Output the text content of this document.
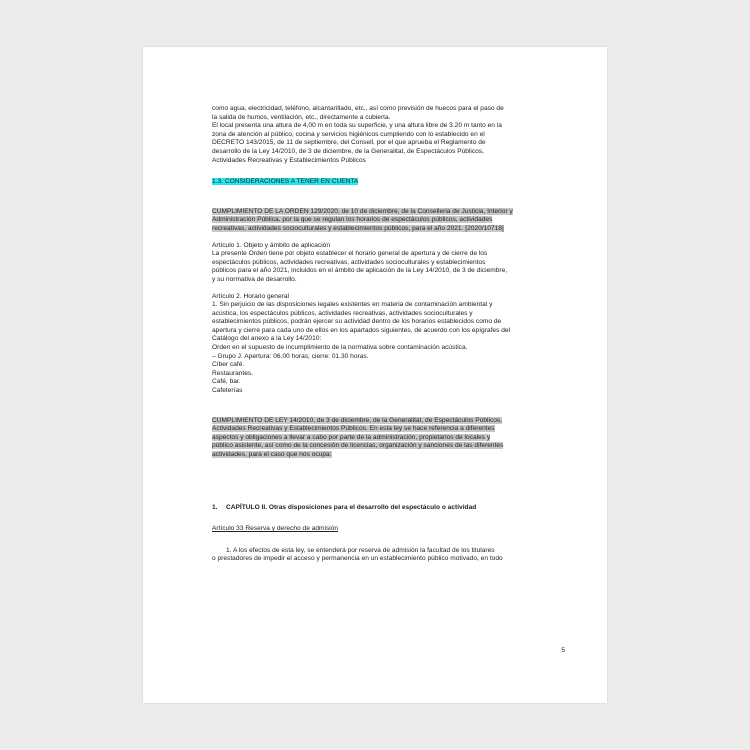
como agua, electricidad, teléfono, alcantarillado, etc., así como previsión de huecos para el paso de

la salida de humos, ventilación, etc., directamente a cubierta.

El local presenta una altura de 4,00 m en toda su superficie, y una altura libre de 3.20 m tanto en la

zona de atención al público, cocina y servicios higiénicos cumpliendo con lo establecido en el

DECRETO 143/2015, de 11 de septiembre, del Consell, por el que aprueba el Reglamento de

desarrollo de la Ley 14/2010, de 3 de diciembre, de la Generalitat, de Espectáculos Públicos,

Actividades Recreativas y Establecimientos Públicos

1.3. CONSIDERACIONES A TENER EN CUENTA

CUMPLIMIENTO DE LA ORDEN 129/2020, de 10 de diciembre, de la Conselleria de Justicia, Interior y

Administración Pública, por la que se regulan los horarios de espectáculos públicos, actividades

recreativas, actividades socioculturales y establecimientos públicos, para el año 2021. [2020/10718]

Artículo 1. Objeto y ámbito de aplicación

La presente Orden tiene por objeto establecer el horario general de apertura y de cierre de los

espectáculos públicos, actividades recreativas, actividades socioculturales y establecimientos

públicos para el año 2021, incluidos en el ámbito de aplicación de la Ley 14/2010, de 3 de diciembre,

y su normativa de desarrollo.

Artículo 2. Horario general

1. Sin perjuicio de las disposiciones legales existentes en materia de contaminación ambiental y

acústica, los espectáculos públicos, actividades recreativas, actividades socioculturales y

establecimientos públicos, podrán ejercer su actividad dentro de los horarios establecidos como de

apertura y cierre para cada uno de ellos en los apartados siguientes, de acuerdo con los epígrafes del

Catálogo del anexo a la Ley 14/2010:

Orden en el supuesto de incumplimiento de la normativa sobre contaminación acústica.

– Grupo J. Apertura: 06.00 horas; cierre: 01.30 horas.

Cíber café.

Restaurantes.

Café, bar.

Cafeterías

CUMPLIMIENTO DE LEY 14/2010, de 3 de diciembre, de la Generalitat, de Espectáculos Públicos,

Actividades Recreativas y Establecimientos Públicos. En esta ley se hace referencia a diferentes

aspectos y obligaciones a llevar a cabo por parte de la administración, propietarios de locales y

público asistente, así como de la concesión de licencias, organización y sanciones de las diferentes

actividades, para el caso que nos ocupa:

1. CAPÍTULO II. Otras disposiciones para el desarrollo del espectáculo o actividad

Artículo 33 Reserva y derecho de admisión

1. A los efectos de esta ley, se entenderá por reserva de admisión la facultad de los titulares

o prestadores de impedir el acceso y permanencia en un establecimiento público motivado, en todo

5
